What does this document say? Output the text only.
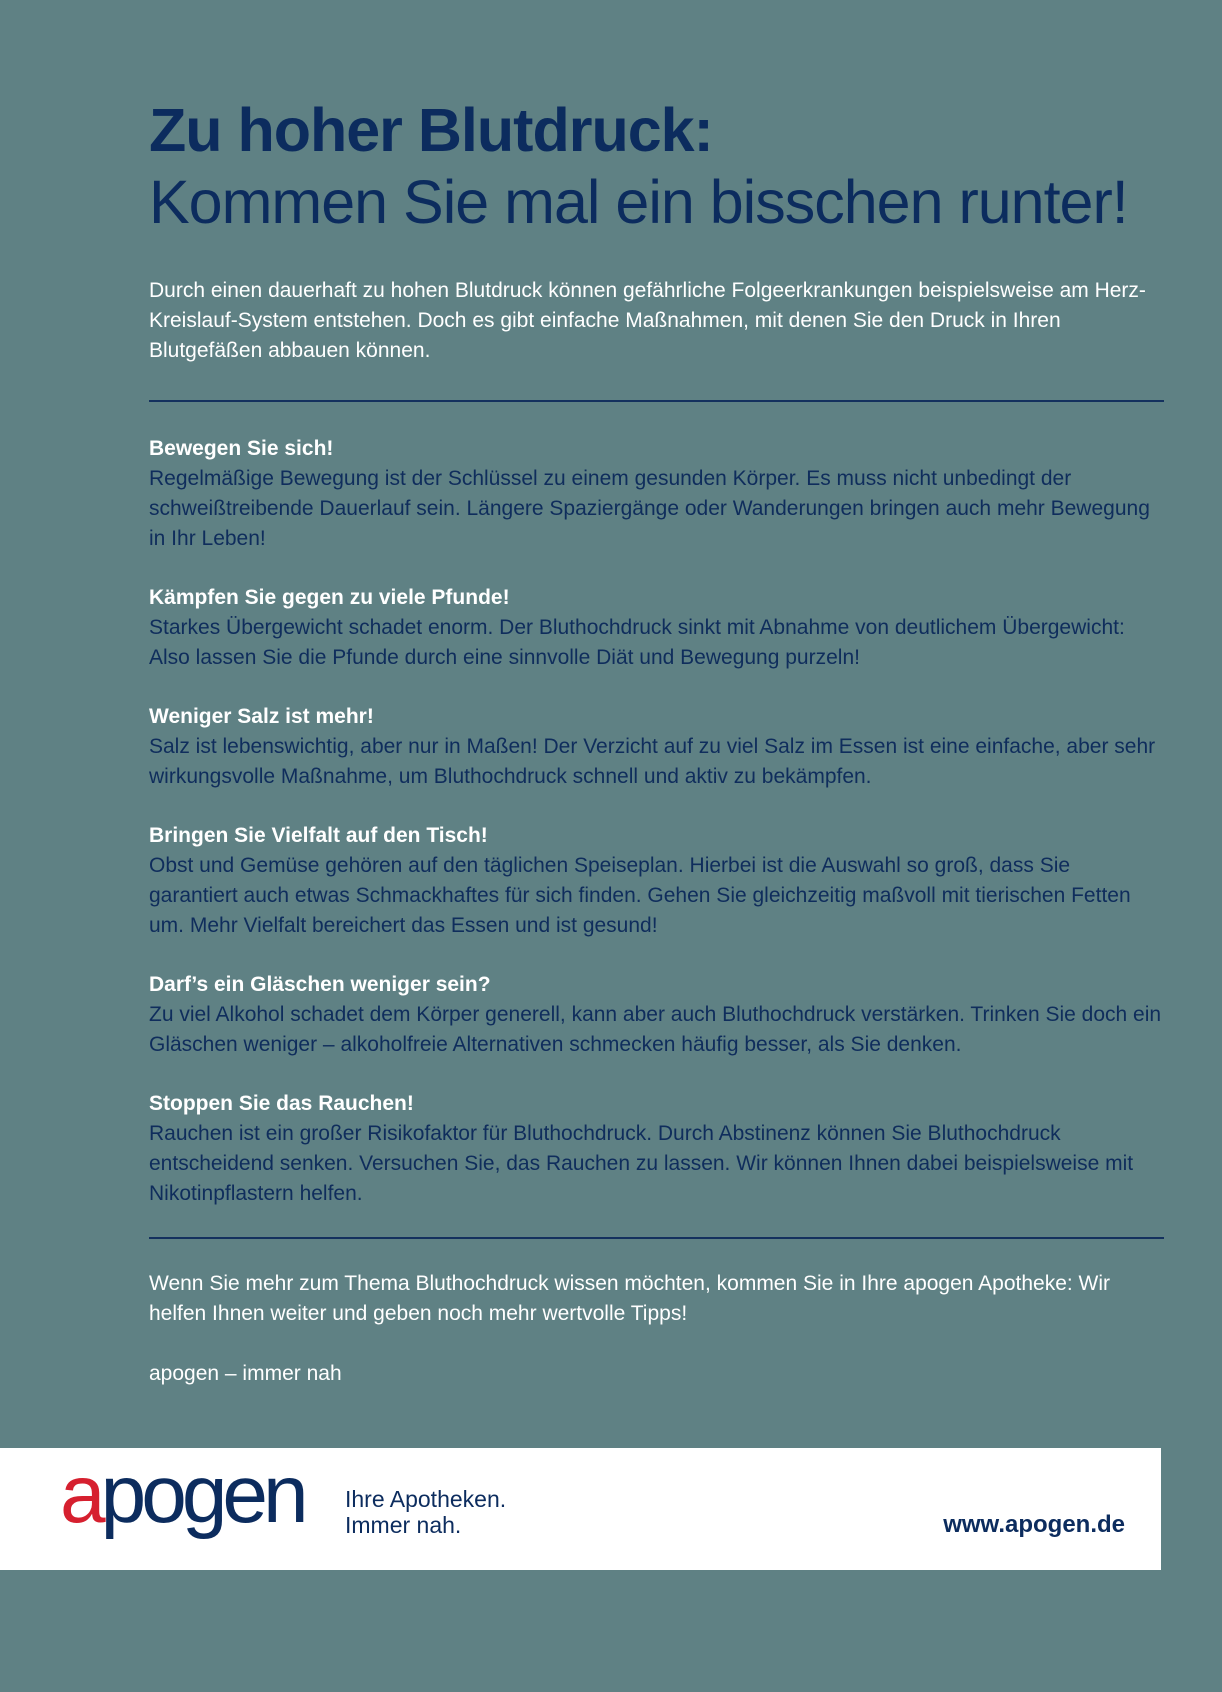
Zu hoher Blutdruck:
Kommen Sie mal ein bisschen runter!
Durch einen dauerhaft zu hohen Blutdruck können gefährliche Folgeerkrankungen beispielsweise am Herz-Kreislauf-System entstehen. Doch es gibt einfache Maßnahmen, mit denen Sie den Druck in Ihren Blutgefäßen abbauen können.
Bewegen Sie sich!
Regelmäßige Bewegung ist der Schlüssel zu einem gesunden Körper. Es muss nicht unbedingt der schweißtreibende Dauerlauf sein. Längere Spaziergänge oder Wanderungen bringen auch mehr Bewegung in Ihr Leben!
Kämpfen Sie gegen zu viele Pfunde!
Starkes Übergewicht schadet enorm. Der Bluthochdruck sinkt mit Abnahme von deutlichem Übergewicht: Also lassen Sie die Pfunde durch eine sinnvolle Diät und Bewegung purzeln!
Weniger Salz ist mehr!
Salz ist lebenswichtig, aber nur in Maßen! Der Verzicht auf zu viel Salz im Essen ist eine einfache, aber sehr wirkungsvolle Maßnahme, um Bluthochdruck schnell und aktiv zu bekämpfen.
Bringen Sie Vielfalt auf den Tisch!
Obst und Gemüse gehören auf den täglichen Speiseplan. Hierbei ist die Auswahl so groß, dass Sie garantiert auch etwas Schmackhaftes für sich finden. Gehen Sie gleichzeitig maßvoll mit tierischen Fetten um. Mehr Vielfalt bereichert das Essen und ist gesund!
Darf’s ein Gläschen weniger sein?
Zu viel Alkohol schadet dem Körper generell, kann aber auch Bluthochdruck verstärken. Trinken Sie doch ein Gläschen weniger – alkoholfreie Alternativen schmecken häufig besser, als Sie denken.
Stoppen Sie das Rauchen!
Rauchen ist ein großer Risikofaktor für Bluthochdruck. Durch Abstinenz können Sie Bluthochdruck entscheidend senken. Versuchen Sie, das Rauchen zu lassen. Wir können Ihnen dabei beispielsweise mit Nikotinpflastern helfen.
Wenn Sie mehr zum Thema Bluthochdruck wissen möchten, kommen Sie in Ihre apogen Apotheke: Wir helfen Ihnen weiter und geben noch mehr wertvolle Tipps!
apogen – immer nah
apogen Ihre Apotheken.
Immer nah.	www.apogen.de
